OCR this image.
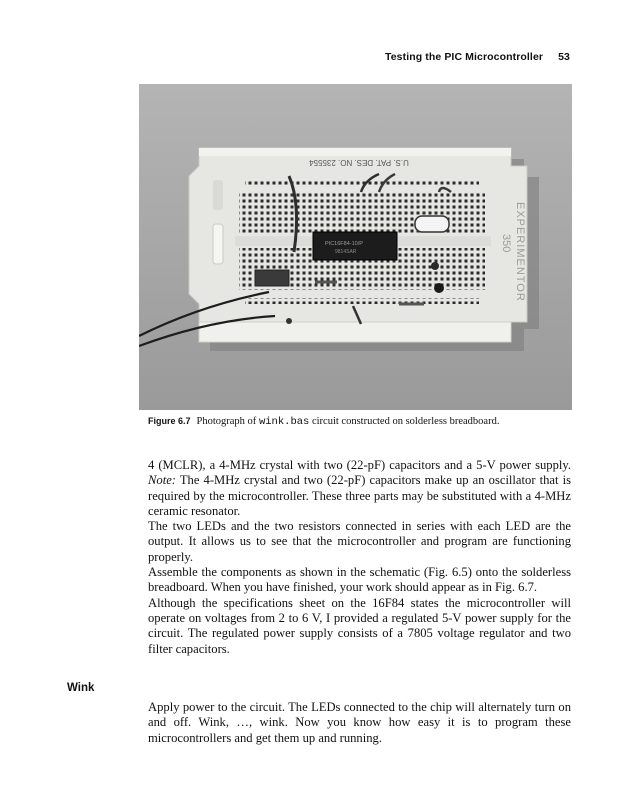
Testing the PIC Microcontroller 53
U.S. PAT. DES. NO. 235554
EXPERIMENTOR
350
PIC16F84-10/P
9814SAR
Figure 6.7 Photograph of wink.bas circuit constructed on solderless breadboard.

4 (MCLR), a 4-MHz crystal with two (22-pF) capacitors and a 5-V power supply. Note: The 4-MHz crystal and two (22-pF) capacitors make up an oscillator that is required by the microcontroller. These three parts may be substituted with a 4-MHz ceramic resonator.

The two LEDs and the two resistors connected in series with each LED are the output. It allows us to see that the microcontroller and program are functioning properly.

Assemble the components as shown in the schematic (Fig. 6.5) onto the solderless breadboard. When you have finished, your work should appear as in Fig. 6.7.

Although the specifications sheet on the 16F84 states the microcontroller will operate on voltages from 2 to 6 V, I provided a regulated 5-V power supply for the circuit. The regulated power supply consists of a 7805 voltage regulator and two filter capacitors.

Wink

Apply power to the circuit. The LEDs connected to the chip will alternately turn on and off. Wink, …, wink. Now you know how easy it is to program these microcontrollers and get them up and running.
